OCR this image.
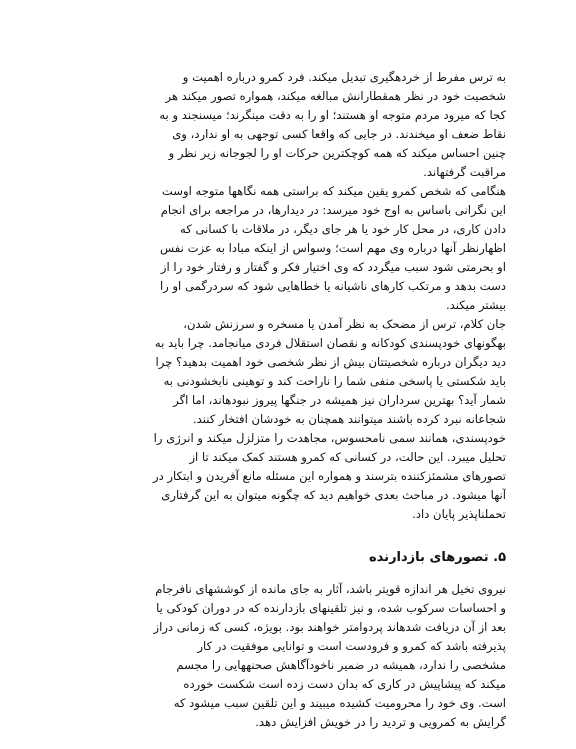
به ترس مفرط از خردهگیری تبدیل میکند. فرد کمرو درباره اهمیت و

شخصیت خود در نظر همقطارانش مبالغه میکند، همواره تصور میکند هر

کجا که میرود مردم متوجه او هستند؛ او را به دقت مینگرند؛ میسنجند و به

نقاط ضعف او میخندند. در جایی که واقعا کسی توجهی به او ندارد، وی

چنین احساس میکند که همه کوچکترین حرکات او را لجوجانه زیر نظر و

مراقبت گرفتهاند.

هنگامی که شخص کمرو یقین میکند که براستی همه نگاهها متوجه اوست

این نگرانی باساس به اوج خود میرسد: در دیدارها، در مراجعه برای انجام

دادن کاری، در محل کار خود یا هر جای دیگر، در ملاقات با کسانی که

اظهارنظر آنها درباره وی مهم است؛ وسواس از اینکه مبادا به عزت نفس

او بحرمتی شود سبب میگردد که وی اختیار فکر و گفتار و رفتار خود را از

دست بدهد و مرتکب کارهای ناشیانه یا خطاهایی شود که سردرگمی او را

بیشتر میکند.

جان کلام، ترس از مضحک به نظر آمدن یا مسخره و سرزنش شدن،

بهگونهای خودپسندی کودکانه و نقصان استقلال فردی میانجامد. چرا باید به

دید دیگران درباره شخصیتتان بیش از نظر شخصی خود اهمیت بدهید؟ چرا

باید شکستی یا پاسخی منفی شما را ناراحت کند و توهینی نابخشودنی به

شمار آید؟ بهترین سرداران نیز همیشه در جنگها پیروز نبودهاند، اما اگر

شجاعانه نبرد کرده باشند میتوانند همچنان به خودشان افتخار کنند.

خودپسندی، همانند سمی نامحسوس، مجاهدت را متزلزل میکند و انرژی را

تحلیل میبرد. این حالت، در کسانی که کمرو هستند کمک میکند تا از

تصورهای مشمئزکننده بترسند و همواره این مسئله مانع آفریدن و ابتکار در

آنها میشود. در مباحث بعدی خواهیم دید که چگونه میتوان به این گرفتاری

تحملناپذیر پایان داد.

۵. تصورهای بازدارنده

نیروی تخیل هر اندازه قویتر باشد، آثار به جای مانده از کوششهای نافرجام

و احساسات سرکوب شده، و نیز تلقینهای بازدارنده که در دوران کودکی یا

بعد از آن دریافت شدهاند پردوامتر خواهند بود. بویژه، کسی که زمانی دراز

پذیرفته باشد که کمرو و فرودست است و توانایی موفقیت در کار

مشخصی را ندارد، همیشه در ضمیر ناخودآگاهش صحنههایی را مجسم

میکند که پیشاپیش در کاری که بدان دست زده است شکست خورده

است. وی خود را محرومیت کشیده میبیند و این تلقین سبب میشود که

گرایش به کمرویی و تردید را در خویش افزایش دهد.
